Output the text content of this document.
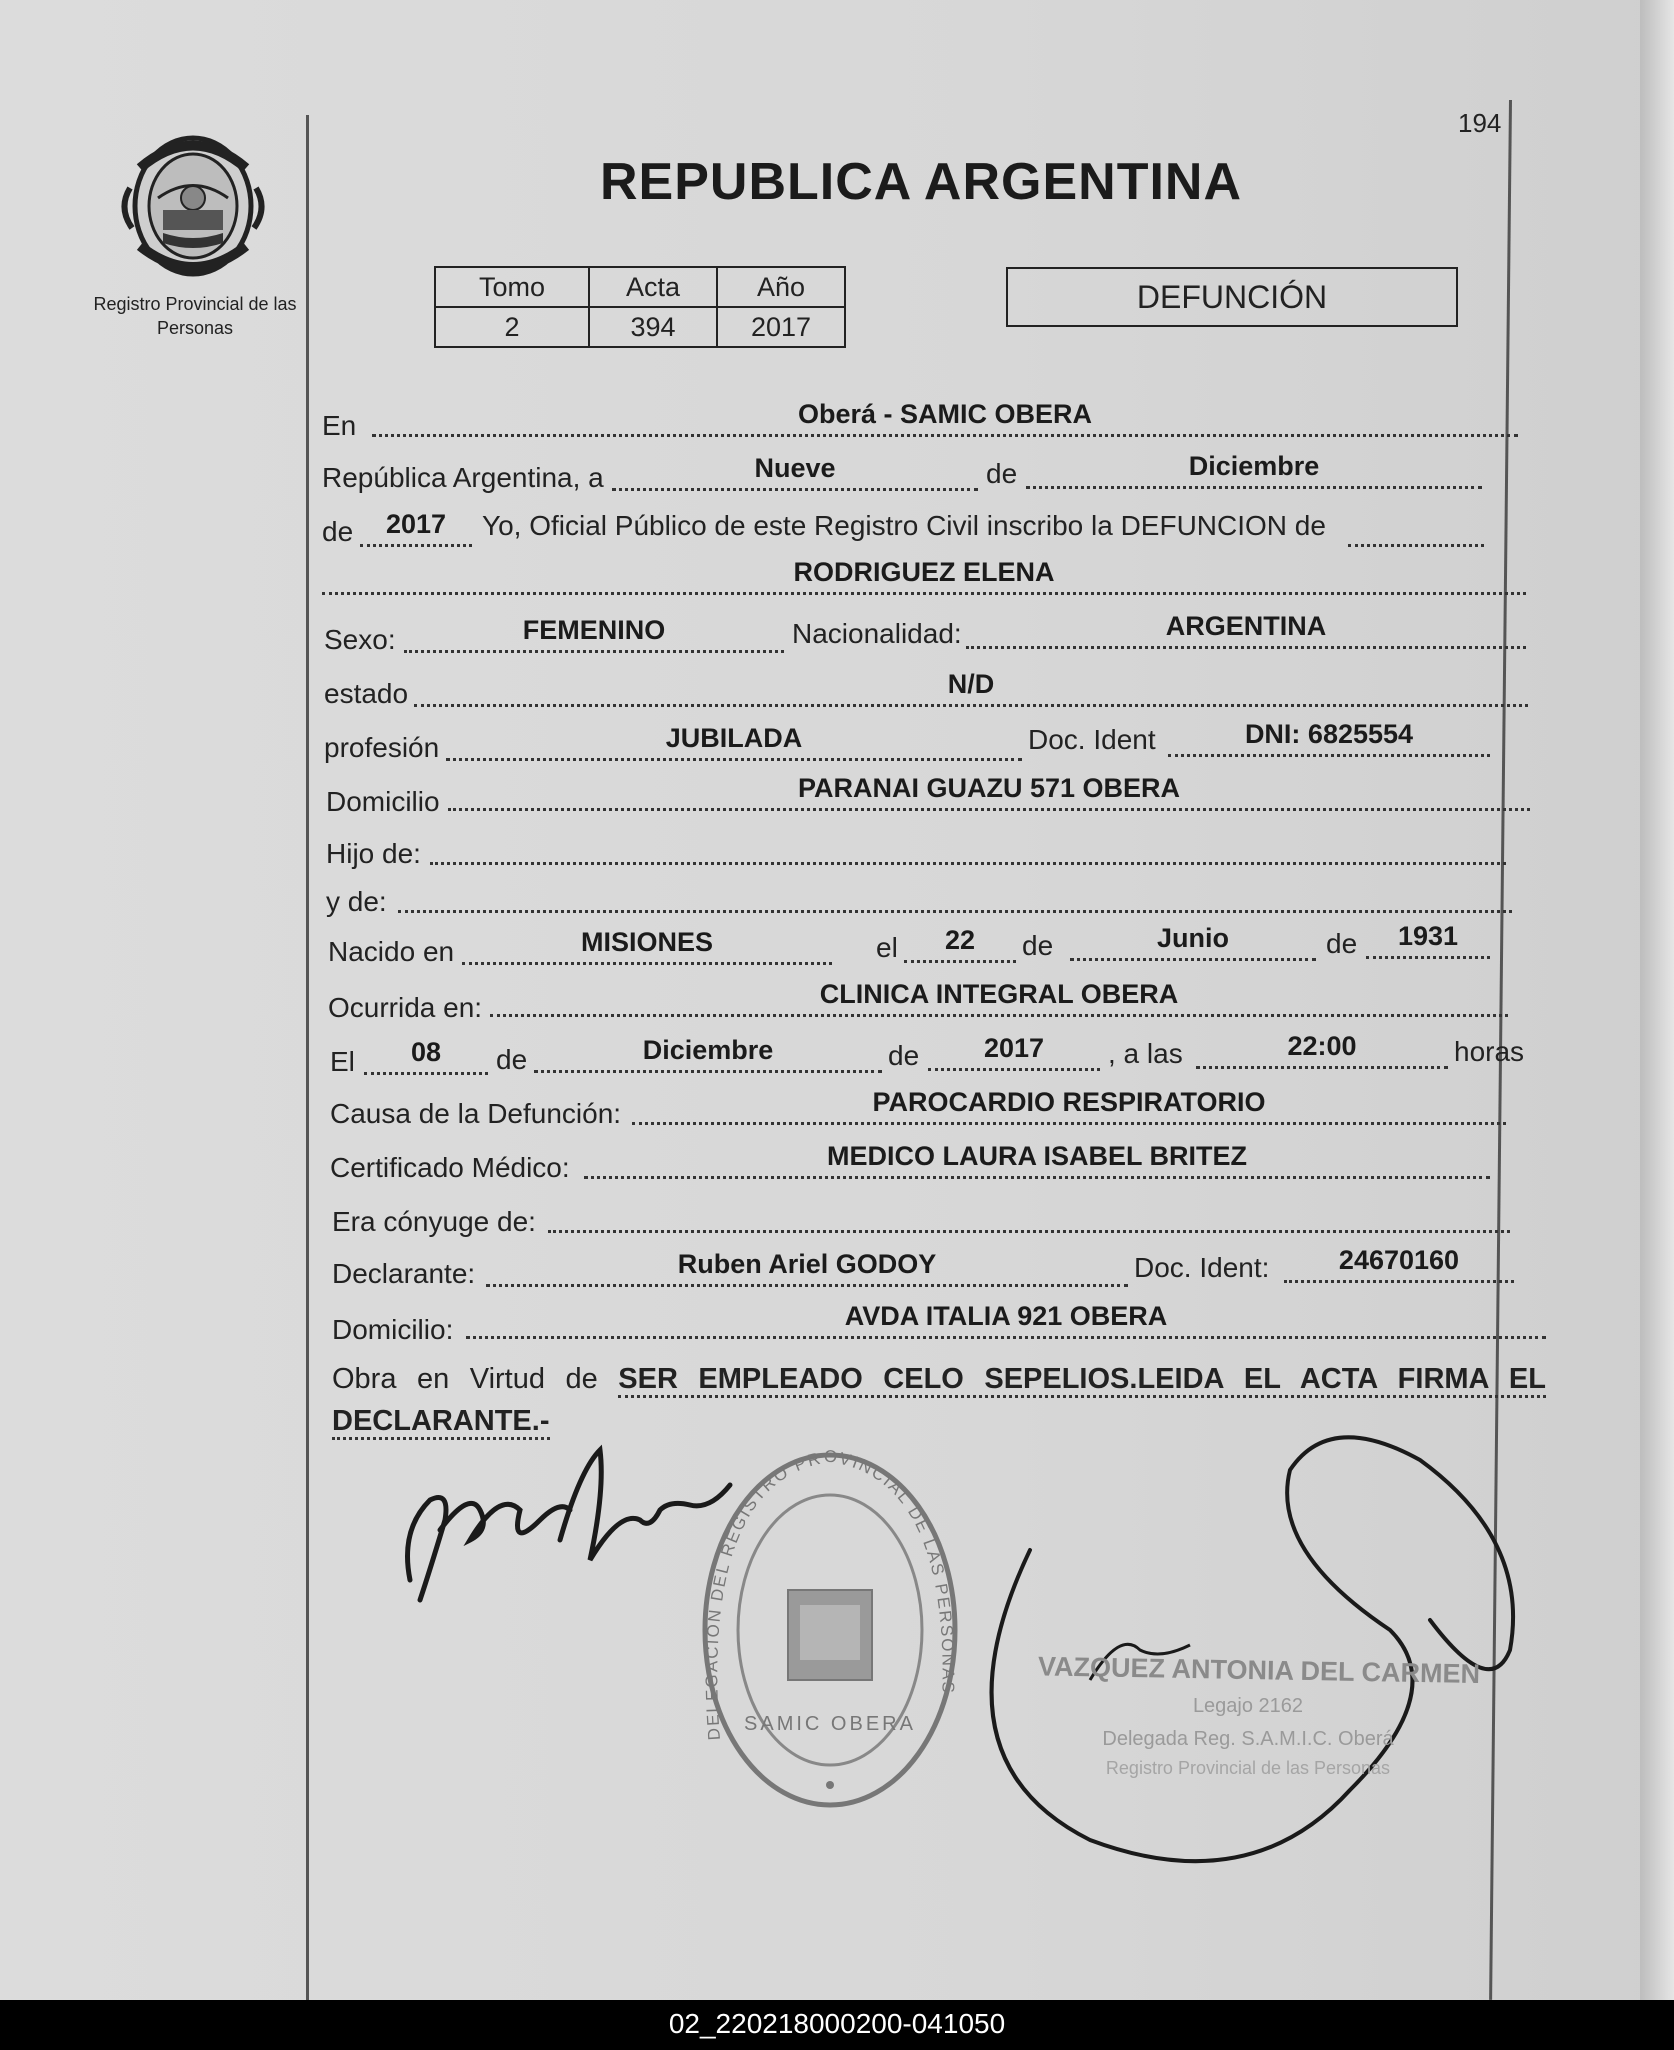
194
Registro Provincial de las Personas
REPUBLICA ARGENTINA
Tomo	Acta	Año
2	394	2017
DEFUNCIÓN
En	Oberá - SAMIC OBERA
República Argentina, a	Nueve	de	Diciembre
de	2017	Yo, Oficial Público de este Registro Civil inscribo la DEFUNCION de
RODRIGUEZ ELENA
Sexo:	FEMENINO	Nacionalidad:	ARGENTINA
estado	N/D
profesión	JUBILADA	Doc. Ident	DNI: 6825554
Domicilio	PARANAI GUAZU 571 OBERA
Hijo de:
y de:
Nacido en	MISIONES	el	22	de	Junio	de	1931
Ocurrida en:	CLINICA INTEGRAL OBERA
El	08	de	Diciembre	de	2017	, a las	22:00	horas
Causa de la Defunción:	PAROCARDIO RESPIRATORIO
Certificado Médico:	MEDICO LAURA ISABEL BRITEZ
Era cónyuge de:
Declarante:	Ruben Ariel GODOY	Doc. Ident:	24670160
Domicilio:	AVDA ITALIA 921 OBERA
Obra en Virtud de SER EMPLEADO CELO SEPELIOS.LEIDA EL ACTA FIRMA EL DECLARANTE.-
DELEGACIÓN DEL REGISTRO PROVINCIAL DE LAS PERSONAS
SAMIC OBERA
VAZQUEZ ANTONIA DEL CARMEN
Legajo 2162
Delegada Reg. S.A.M.I.C. Oberá
Registro Provincial de las Personas
02_220218000200-041050
